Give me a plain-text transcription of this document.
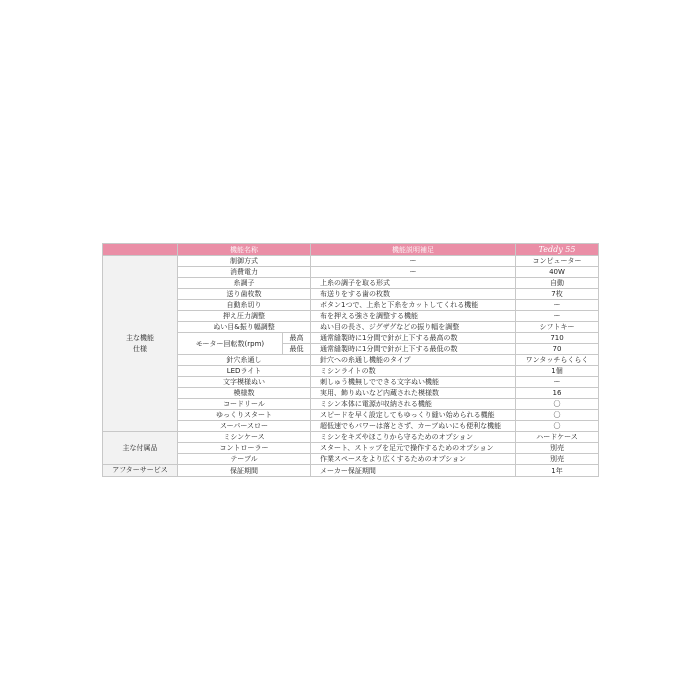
	機能名称		機能説明補足	Teddy 55

主な機能
仕様	制御方式		ー	コンピューター
	消費電力		ー	40W
	糸調子		上糸の調子を取る形式	自動
	送り歯枚数		布送りをする歯の枚数	7枚
	自動糸切り		ボタン1つで、上糸と下糸をカットしてくれる機能	ー
	押え圧力調整		布を押える強さを調整する機能	ー
	ぬい目&振り幅調整		ぬい目の長さ、ジグザグなどの振り幅を調整	シフトキー
	モーター回転数(rpm)	最高	通常縫製時に1分間で針が上下する最高の数	710
		最低	通常縫製時に1分間で針が上下する最低の数	70
	針穴糸通し		針穴への糸通し機能のタイプ	ワンタッチらくらく
	LEDライト		ミシンライトの数	1個
	文字模様ぬい		刺しゅう機無しでできる文字ぬい機能	ー
	模様数		実用、飾りぬいなど内蔵された模様数	16
	コードリール		ミシン本体に電源が収納される機能	〇
	ゆっくりスタート		スピードを早く設定してもゆっくり縫い始められる機能	〇
	スーパースロー		超低速でもパワーは落とさず、カーブぬいにも便利な機能	〇
主な付属品	ミシンケース		ミシンをキズやほこりから守るためのオプション	ハードケース
	コントローラー		スタート、ストップを足元で操作するためのオプション	別売
	テーブル		作業スペースをより広くするためのオプション	別売
アフターサービス	保証期間		メーカー保証期間	1年
